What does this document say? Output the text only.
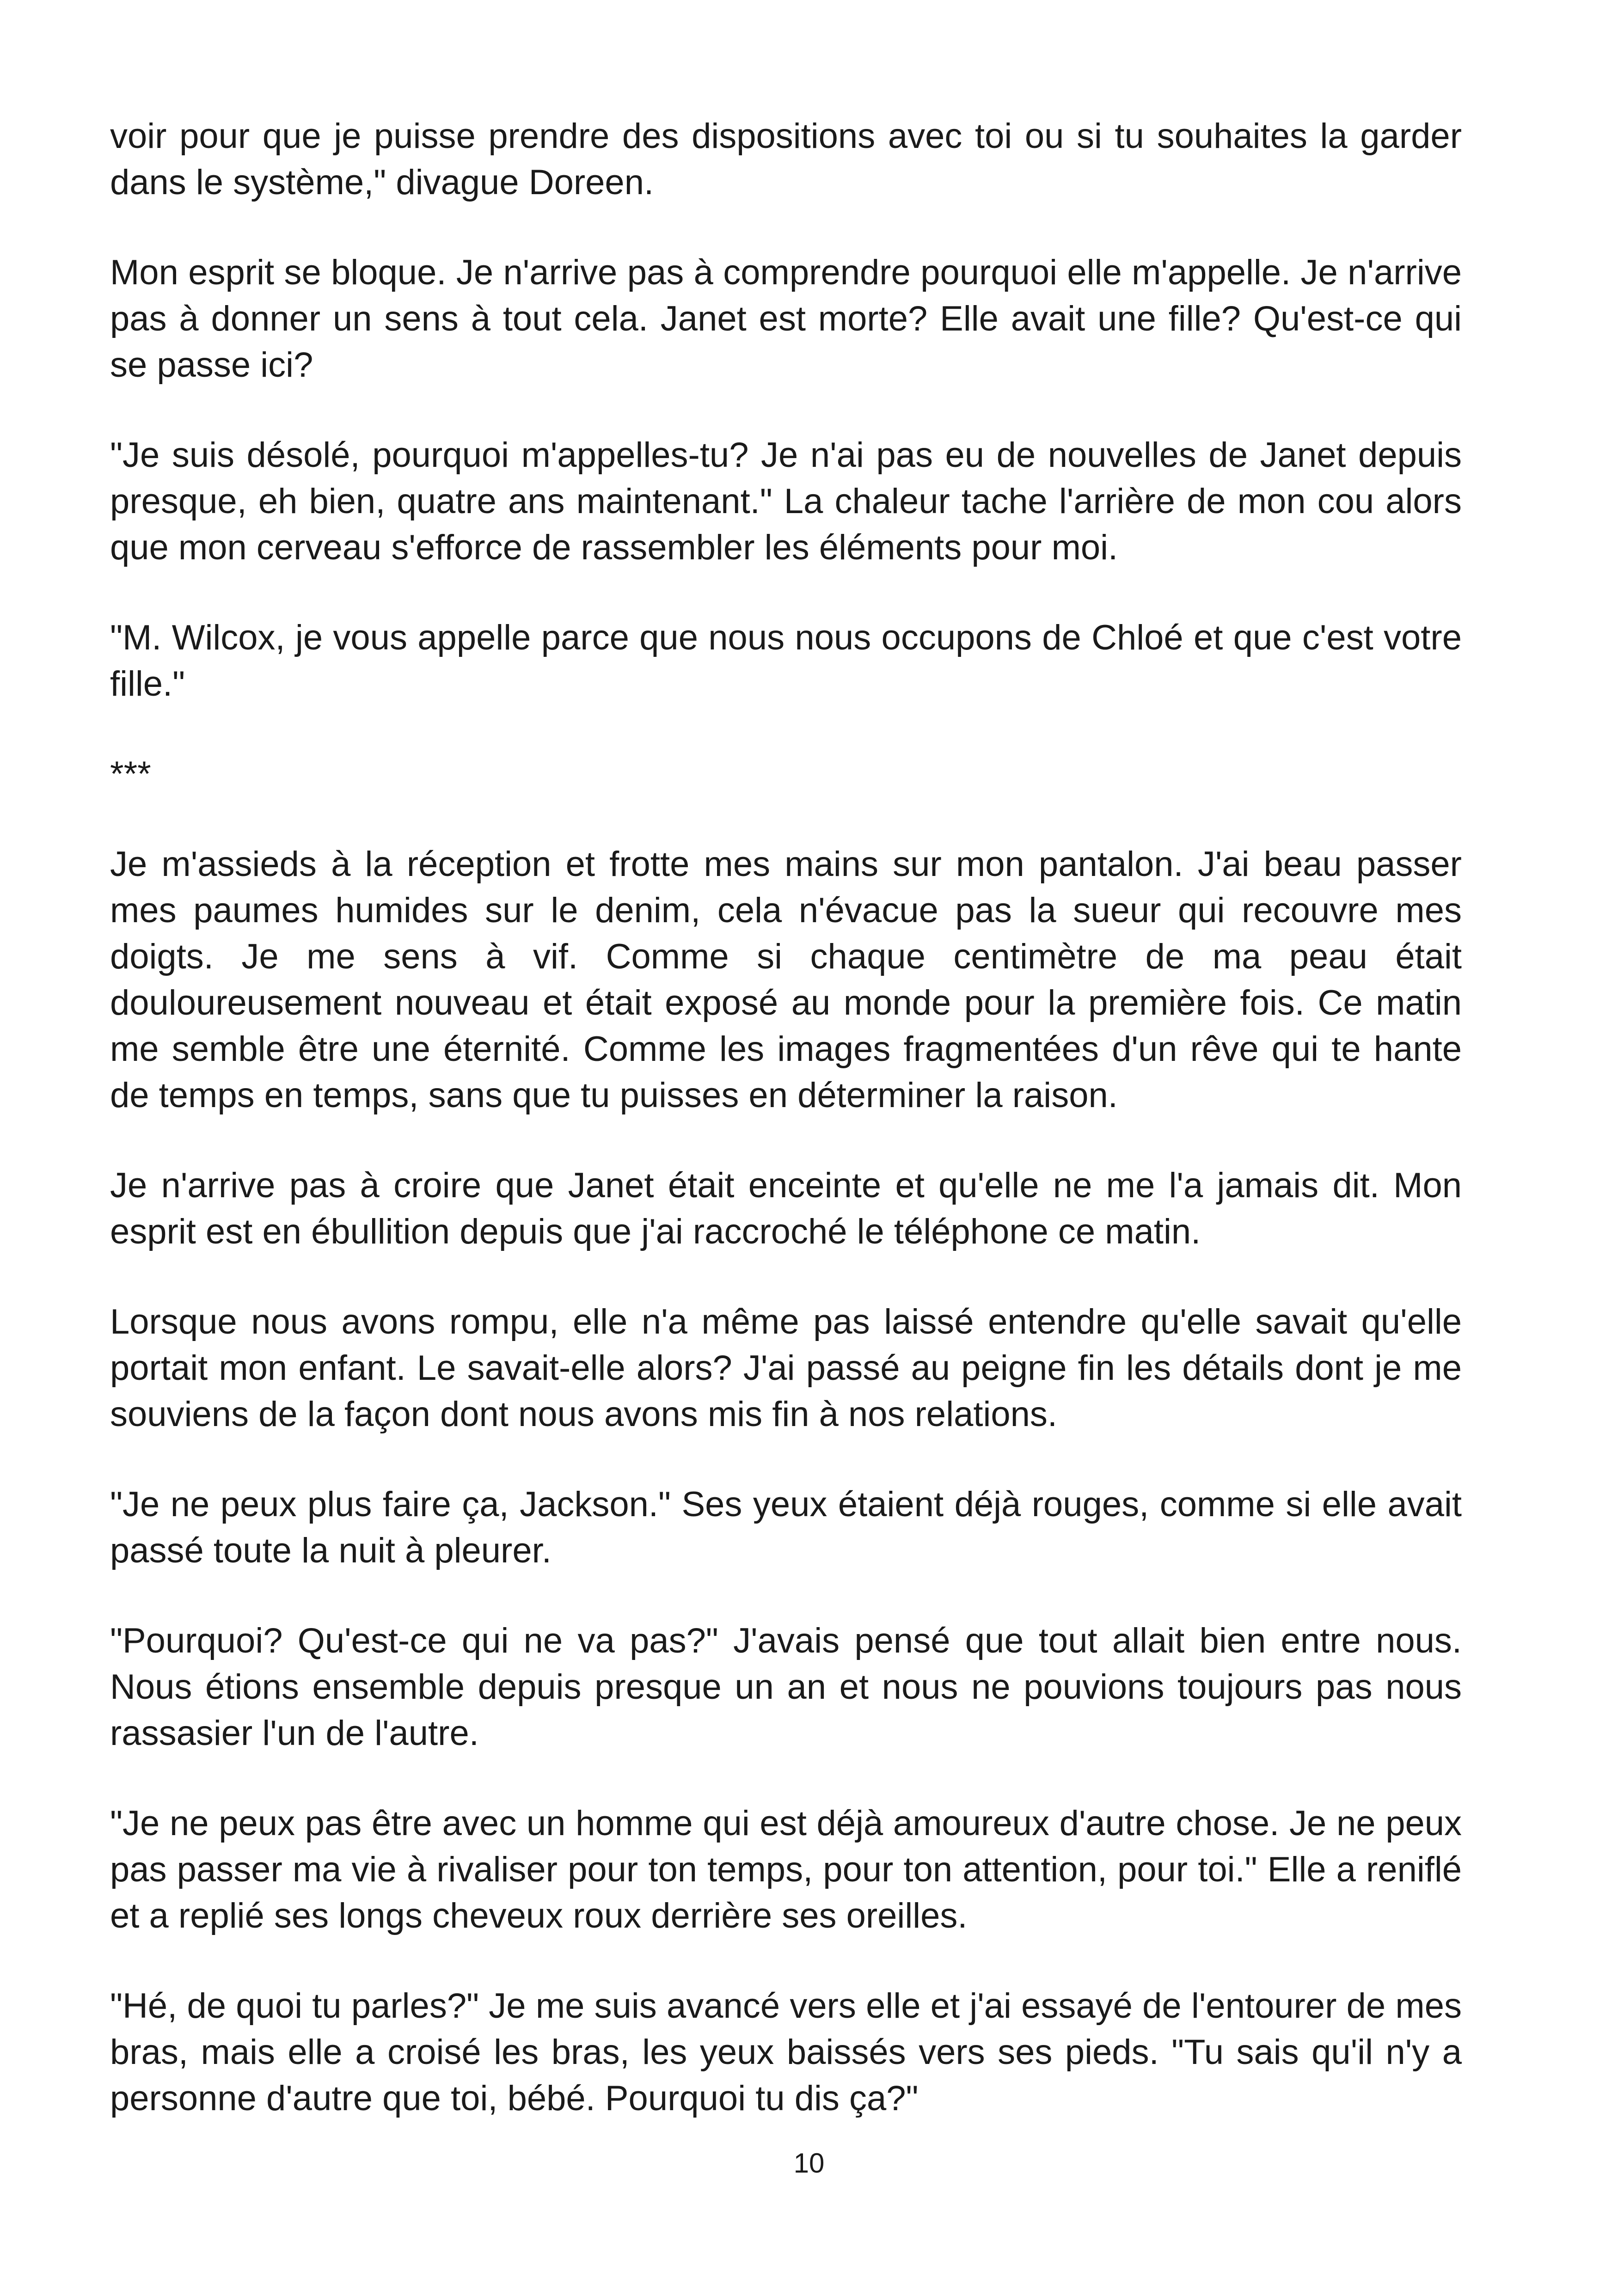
voir pour que je puisse prendre des dispositions avec toi ou si tu souhaites la garder dans le système," divague Doreen.

Mon esprit se bloque. Je n'arrive pas à comprendre pourquoi elle m'appelle. Je n'arrive pas à donner un sens à tout cela. Janet est morte? Elle avait une fille? Qu'est-ce qui se passe ici?

"Je suis désolé, pourquoi m'appelles-tu? Je n'ai pas eu de nouvelles de Janet depuis presque, eh bien, quatre ans maintenant." La chaleur tache l'arrière de mon cou alors que mon cerveau s'efforce de rassembler les éléments pour moi.

"M. Wilcox, je vous appelle parce que nous nous occupons de Chloé et que c'est votre fille."

***

Je m'assieds à la réception et frotte mes mains sur mon pantalon. J'ai beau passer mes paumes humides sur le denim, cela n'évacue pas la sueur qui recouvre mes doigts. Je me sens à vif. Comme si chaque centimètre de ma peau était douloureusement nouveau et était exposé au monde pour la première fois. Ce matin me semble être une éternité. Comme les images fragmentées d'un rêve qui te hante de temps en temps, sans que tu puisses en déterminer la raison.

Je n'arrive pas à croire que Janet était enceinte et qu'elle ne me l'a jamais dit. Mon esprit est en ébullition depuis que j'ai raccroché le téléphone ce matin.

Lorsque nous avons rompu, elle n'a même pas laissé entendre qu'elle savait qu'elle portait mon enfant. Le savait-elle alors? J'ai passé au peigne fin les détails dont je me souviens de la façon dont nous avons mis fin à nos relations.

"Je ne peux plus faire ça, Jackson." Ses yeux étaient déjà rouges, comme si elle avait passé toute la nuit à pleurer.

"Pourquoi? Qu'est-ce qui ne va pas?" J'avais pensé que tout allait bien entre nous. Nous étions ensemble depuis presque un an et nous ne pouvions toujours pas nous rassasier l'un de l'autre.

"Je ne peux pas être avec un homme qui est déjà amoureux d'autre chose. Je ne peux pas passer ma vie à rivaliser pour ton temps, pour ton attention, pour toi." Elle a reniflé et a replié ses longs cheveux roux derrière ses oreilles.

"Hé, de quoi tu parles?" Je me suis avancé vers elle et j'ai essayé de l'entourer de mes bras, mais elle a croisé les bras, les yeux baissés vers ses pieds. "Tu sais qu'il n'y a personne d'autre que toi, bébé. Pourquoi tu dis ça?"

10
